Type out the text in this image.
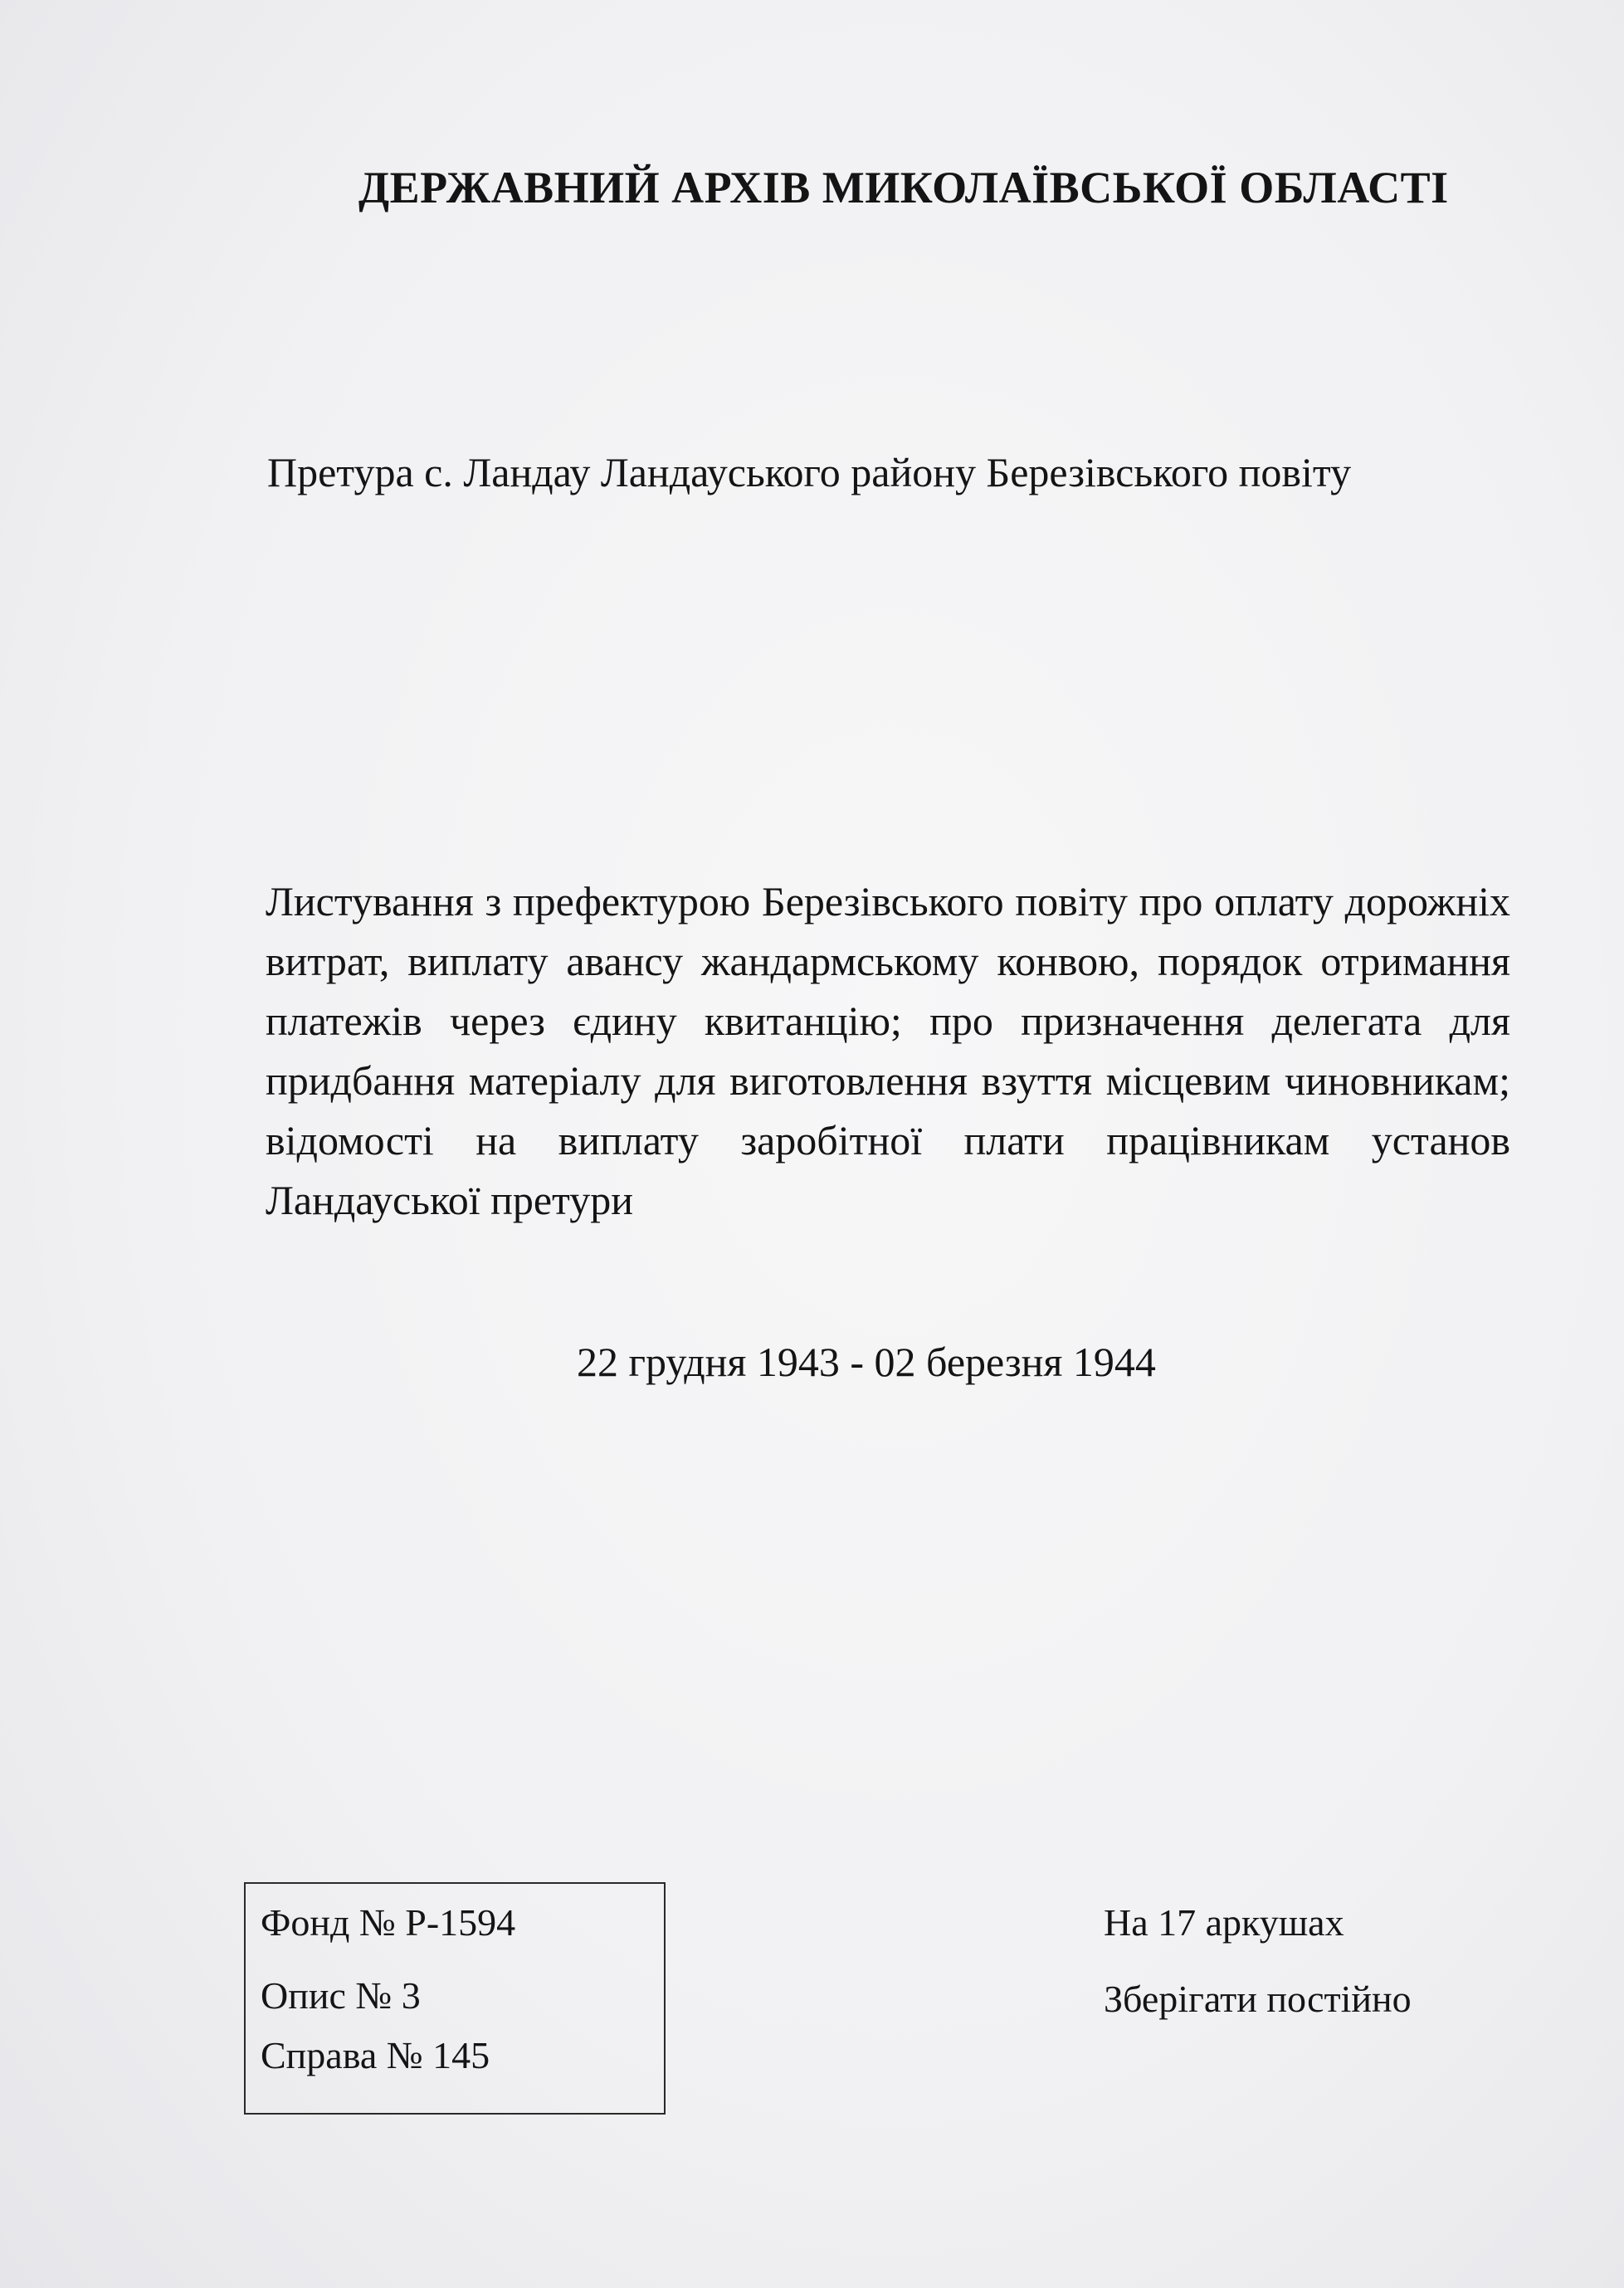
ДЕРЖАВНИЙ АРХІВ МИКОЛАЇВСЬКОЇ ОБЛАСТІ
Претура с. Ландау Ландауського району Березівського повіту
Листування з префектурою Березівського повіту про оплату дорожніх витрат, виплату авансу жандармському конвою, порядок отримання платежів через єдину квитанцію; про призначення делегата для придбання матеріалу для виготовлення взуття місцевим чиновникам; відомості на виплату заробітної плати працівникам установ Ландауської претури
22 грудня 1943 - 02 березня 1944
Фонд № Р-1594
Опис № 3
Справа № 145
На 17 аркушах
Зберігати постійно
